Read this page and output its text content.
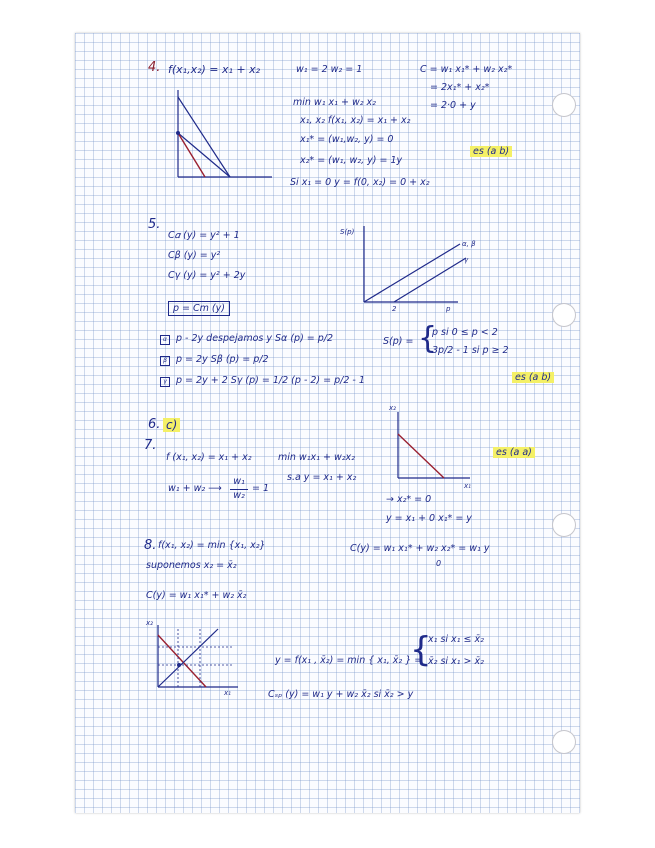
4. f(x₁,x₂) = x₁ + x₂	w₁ = 2 w₂ = 1	C = w₁ x₁* + w₂ x₂*
= 2x₁* + x₂*
= 2·0 + y
min w₁ x₁ + w₂ x₂
x₁, x₂ f(x₁, x₂) = x₁ + x₂
x₁* = (w₁,w₂, y) = 0
x₂* = (w₁, w₂, y) = 1y
Si x₁ = 0 y = f(0, x₂) = 0 + x₂
es (a b)
5.
C𝛼 (y) = y² + 1
Cβ (y) = y²
Cγ (y) = y² + 2y
p = Cm (y)
α p - 2y despejamos y Sα (p) = p/2
β p = 2y Sβ (p) = p/2
γ p = 2y + 2 Sγ (p) = 1/2 (p - 2) = p/2 - 1
S(p) = {
p si 0 ≤ p < 2
3p/2 - 1 si p ≥ 2
es (a b)
S(p)
α, β
γ
2	p
6. c)
7.
f (x₁, x₂) = x₁ + x₂	min w₁x₁ + w₂x₂
s.a y = x₁ + x₂
w₁ + w₂ ⟶
w₁
w₂
= 1
→ x₂* = 0
y = x₁ + 0 x₁* = y
es (a a)
x₂
x₁
8. f(x₁, x₂) = min {x₁, x₂}
suponemos x₂ = x̄₂
C(y) = w₁ x₁* + w₂ x₂* = w₁ y
0
C(y) = w₁ x₁* + w₂ x̄₂
x₂
x₁
y = f(x₁ , x̄₂) = min { x₁, x̄₂ } =
{
x₁ si x₁ ≤ x̄₂
x̄₂ si x₁ > x̄₂
Cₛₚ (y) = w₁ y + w₂ x̄₂ si x̄₂ > y
